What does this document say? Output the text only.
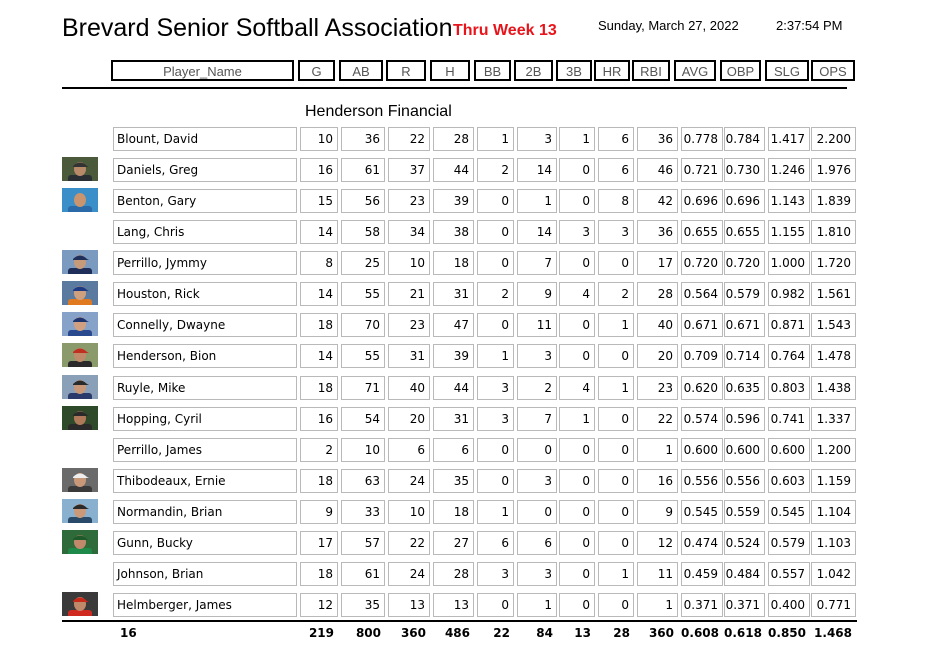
Brevard Senior Softball Association Thru Week 13	Sunday, March 27, 2022	2:37:54 PM
Player_Name	G	AB	R	H	BB	2B	3B	HR	RBI	AVG	OBP	SLG	OPS
Henderson Financial
Blount, David	10	36	22	28	1	3	1	6	36 0.778 0.784 1.417 2.200
Daniels, Greg	16	61	37	44	2	14	0	6	46 0.721 0.730 1.246 1.976
Benton, Gary	15	56	23	39	0	1	0	8	42 0.696 0.696 1.143 1.839
Lang, Chris	14	58	34	38	0	14	3	3	36 0.655 0.655 1.155 1.810
Perrillo, Jymmy	8	25	10	18	0	7	0	0	17 0.720 0.720 1.000 1.720
Houston, Rick	14	55	21	31	2	9	4	2	28 0.564 0.579 0.982 1.561
Connelly, Dwayne	18	70	23	47	0	11	0	1	40 0.671 0.671 0.871 1.543
Henderson, Bion	14	55	31	39	1	3	0	0	20 0.709 0.714 0.764 1.478
Ruyle, Mike	18	71	40	44	3	2	4	1	23 0.620 0.635 0.803 1.438
Hopping, Cyril	16	54	20	31	3	7	1	0	22 0.574 0.596 0.741 1.337
Perrillo, James	2	10	6	6	0	0	0	0	1 0.600 0.600 0.600 1.200
Thibodeaux, Ernie	18	63	24	35	0	3	0	0	16 0.556 0.556 0.603 1.159
Normandin, Brian	9	33	10	18	1	0	0	0	9 0.545 0.559 0.545 1.104
Gunn, Bucky	17	57	22	27	6	6	0	0	12 0.474 0.524 0.579 1.103
Johnson, Brian	18	61	24	28	3	3	0	1	11 0.459 0.484 0.557 1.042
Helmberger, James	12	35	13	13	0	1	0	0	1 0.371 0.371 0.400 0.771
16	219	800	360	486	22	84	13	28	360 0.608 0.618 0.850 1.468
